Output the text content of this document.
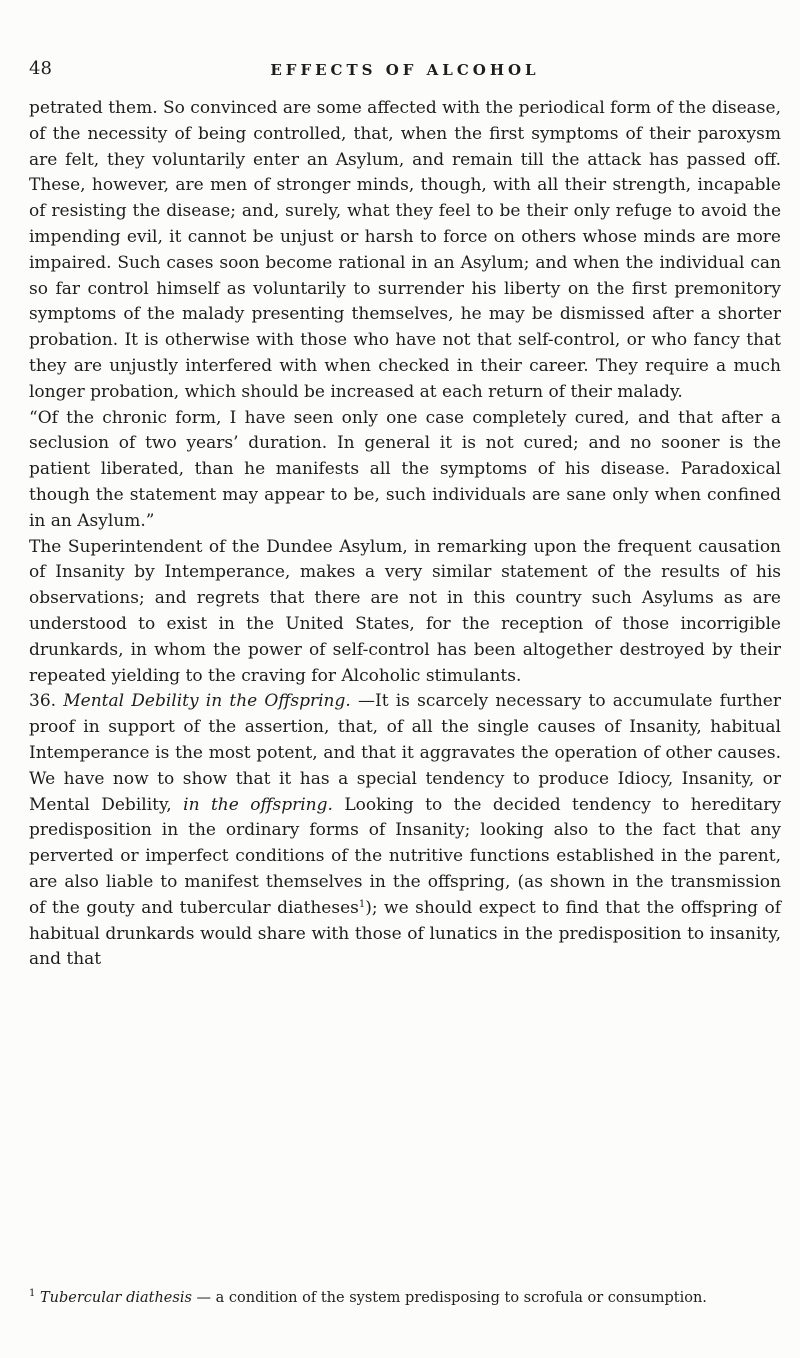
48	EFFECTS OF ALCOHOL

petrated them. So convinced are some affected with the periodical form of the disease, of the necessity of being controlled, that, when the first symptoms of their paroxysm are felt, they voluntarily enter an Asylum, and remain till the attack has passed off. These, however, are men of stronger minds, though, with all their strength, incapable of resisting the disease; and, surely, what they feel to be their only refuge to avoid the impending evil, it cannot be unjust or harsh to force on others whose minds are more impaired. Such cases soon become rational in an Asylum; and when the individual can so far control himself as voluntarily to surrender his liberty on the first premonitory symptoms of the malady presenting themselves, he may be dismissed after a shorter probation. It is otherwise with those who have not that self-control, or who fancy that they are unjustly interfered with when checked in their career. They require a much longer probation, which should be increased at each return of their malady.

“Of the chronic form, I have seen only one case completely cured, and that after a seclusion of two years’ duration. In general it is not cured; and no sooner is the patient liberated, than he manifests all the symptoms of his disease. Paradoxical though the statement may appear to be, such individuals are sane only when confined in an Asylum.”

The Superintendent of the Dundee Asylum, in remarking upon the frequent causation of Insanity by Intemperance, makes a very similar statement of the results of his observations; and regrets that there are not in this country such Asylums as are understood to exist in the United States, for the reception of those incorrigible drunkards, in whom the power of self-control has been altogether destroyed by their repeated yielding to the craving for Alcoholic stimulants.

36. Mental Debility in the Offspring. —It is scarcely necessary to accumulate further proof in support of the assertion, that, of all the single causes of Insanity, habitual Intemperance is the most potent, and that it aggravates the operation of other causes. We have now to show that it has a special tendency to produce Idiocy, Insanity, or Mental Debility, in the offspring. Looking to the decided tendency to hereditary predisposition in the ordinary forms of Insanity; looking also to the fact that any perverted or imperfect conditions of the nutritive functions established in the parent, are also liable to manifest themselves in the offspring, (as shown in the transmission of the gouty and tubercular diatheses$^1$); we should expect to find that the offspring of habitual drunkards would share with those of lunatics in the predisposition to insanity, and that

$^1$ Tubercular diathesis — a condition of the system predisposing to scrofula or consumption.
